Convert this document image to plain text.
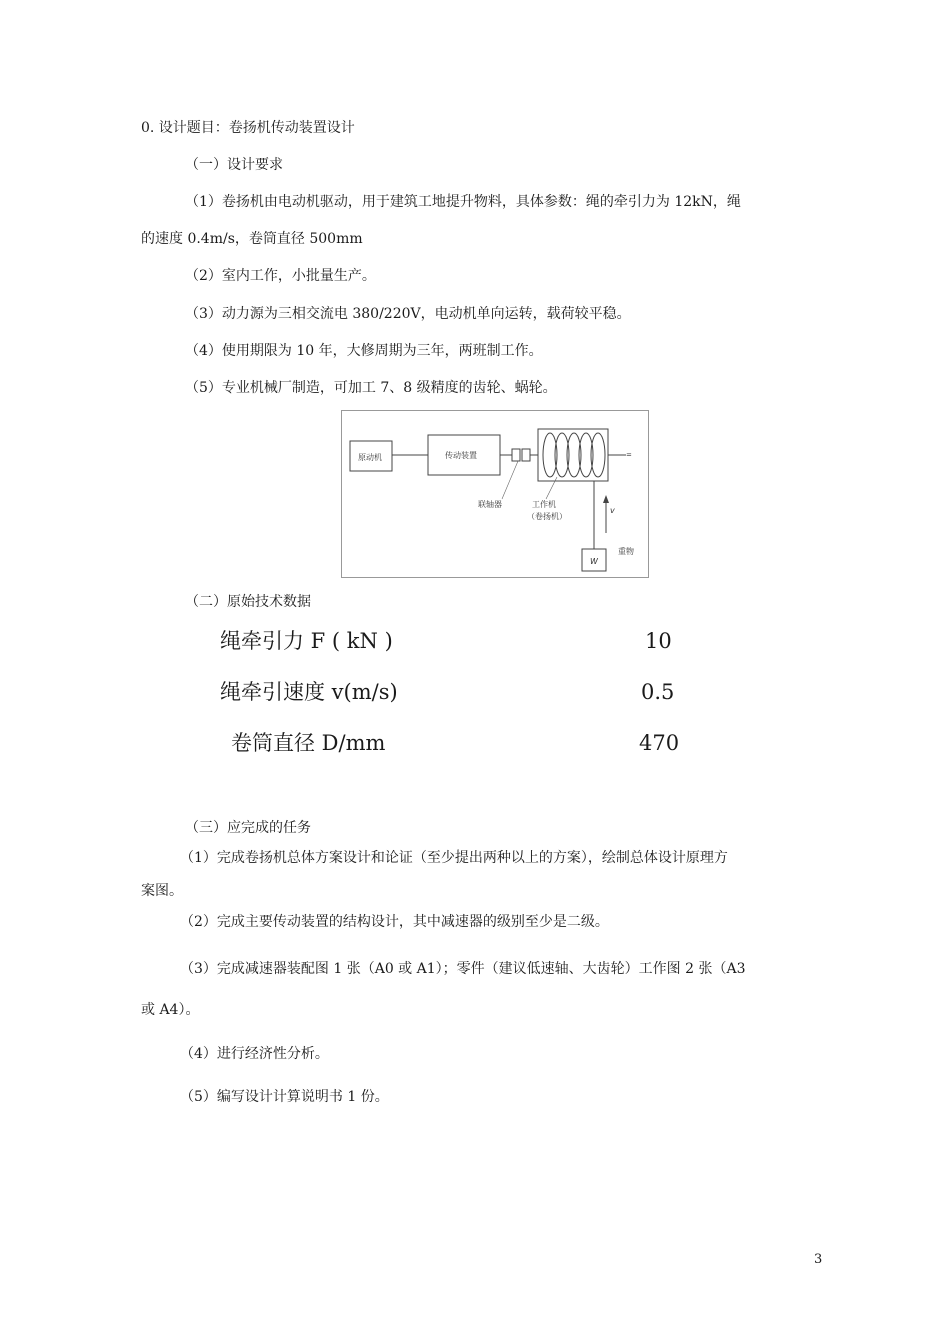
0. 设计题目：卷扬机传动装置设计
（一）设计要求
（1）卷扬机由电动机驱动，用于建筑工地提升物料，具体参数：绳的牵引力为 12kN，绳
的速度 0.4m/s，卷筒直径 500mm
（2）室内工作，小批量生产。
（3）动力源为三相交流电 380/220V，电动机单向运转，载荷较平稳。
（4）使用期限为 10 年，大修周期为三年，两班制工作。
（5）专业机械厂制造，可加工 7、8 级精度的齿轮、蜗轮。
原动机	传动装置	=
v
联轴器	工作机
（卷扬机）
W
重物
（二）原始技术数据
绳牵引力 F ( kN )	10
绳牵引速度 v(m/s)	0.5
卷筒直径 D/mm	470
（三）应完成的任务
（1）完成卷扬机总体方案设计和论证（至少提出两种以上的方案），绘制总体设计原理方
案图。
（2）完成主要传动装置的结构设计，其中减速器的级别至少是二级。
（3）完成减速器装配图 1 张（A0 或 A1）；零件（建议低速轴、大齿轮）工作图 2 张（A3
或 A4）。
（4）进行经济性分析。
（5）编写设计计算说明书 1 份。
3
